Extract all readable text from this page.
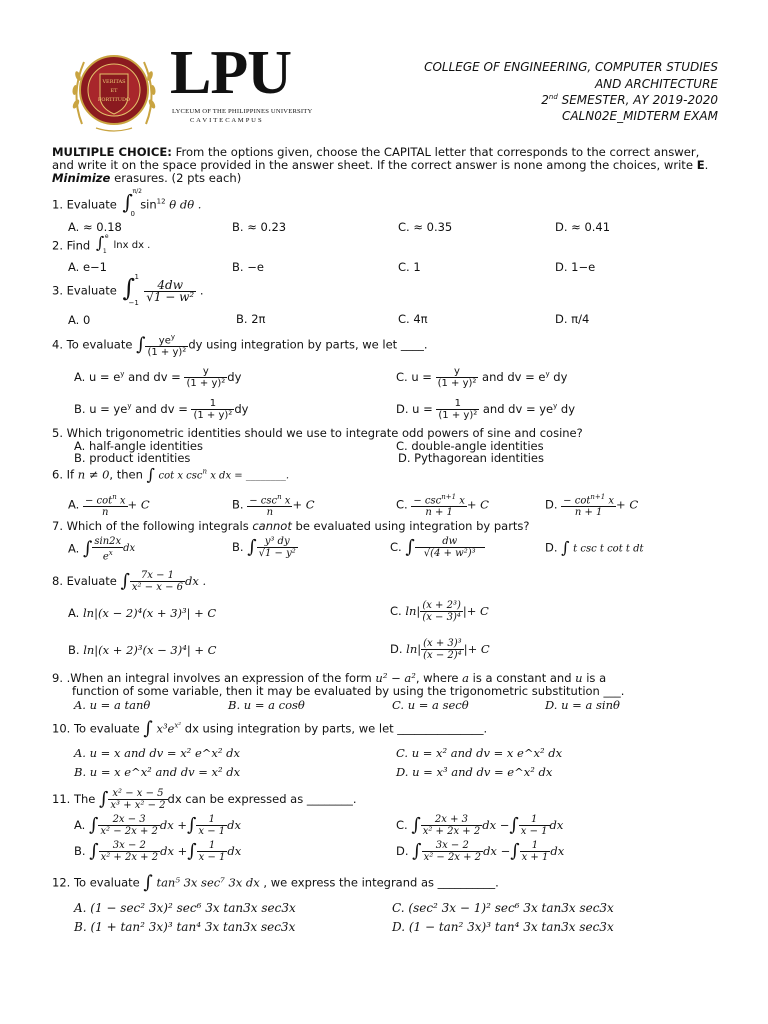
VERITAS
ET
FORTITUDO LPU
LYCEUM OF THE PHILIPPINES UNIVERSITY
C A V I T E C A M P U S
COLLEGE OF ENGINEERING, COMPUTER STUDIES
AND ARCHITECTURE
2nd SEMESTER, AY 2019-2020
CALN02E_MIDTERM EXAM
MULTIPLE CHOICE: From the options given, choose the CAPITAL letter that corresponds to the correct answer, and write it on the space provided in the answer sheet. If the correct answer is none among the choices, write E. Minimize erasures. (2 pts each)
1. Evaluate ∫ π/2
0
$\sin^{12} \theta$ dθ .
A. ≈ 0.18	B. ≈ 0.23	C. ≈ 0.35	D. ≈ 0.41
2. Find ∫ e
1
lnx dx .
A. e−1	B. −e	C. 1	D. 1−e
3. Evaluate ∫ 1
−1

$\frac{4dw}{\text{√1 − w²}}$ .
A. 0	B. 2π	C. 4π	D. π/4
4. To evaluate ∫ $\frac{ye^y}{\text{(1 + y)²}}$ dy using integration by parts, we let ____.
A. $u = e^y$ and dv = $\frac{y}{\text{(1 + y)²}}$ dy
B. $u = ye^y$ and dv = $\frac{1}{\text{(1 + y)²}}$ dy
C. $u = \frac{y}{\text{(1 + y)²}}$ and dv = $e^y$ dy
D. $u = \frac{1}{\text{(1 + y)²}}$ and dv = $ye^y$ dy
5. Which trigonometric identities should we use to integrate odd powers of sine and cosine?
A. half-angle identities
B. product identities
C. double-angle identities
D. Pythagorean identities
6. If n ≠ 0, then ∫ cot x $\csc^n x$ dx = ________.
A. $\frac{- \cot^n x}{n} + C$	B. $\frac{- \csc^n x}{n} + C$	C. $\frac{- \csc^{n+1} x}{n + 1} + C$	D. $\frac{- \cot^{n+1} x}{n + 1} + C$
7. Which of the following integrals cannot be evaluated using integration by parts?
A. ∫ $\frac{\sin 2x}{e^x}$ dx	B. ∫ $\frac{\text{y³ dy}}{\text{√1 − y²}}$	C. ∫ $\frac{dw}{\text{√(4 + w²)³}}$	D. ∫ t csc t cot t dt
8. Evaluate ∫ $\frac{7x - 1}{\text{x² − x − 6}}$ dx .
A. ln|(x − 2)⁴(x + 3)³| + C
B. ln|(x + 2)³(x − 3)⁴| + C
C. $\ln| \frac{\text{(x + 2³)}}{\text{(x − 3)⁴}}$ |+ C
D. $\ln| \frac{\text{(x + 3)³}}{\text{(x − 2)⁴}}$ |+ C
9. .When an integral involves an expression of the form u² − a², where a is a constant and u is a
function of some variable, then it may be evaluated by using the trigonometric substitution ___.
A. u = a tanθ	B. u = a cosθ	C. u = a secθ	D. u = a sinθ
10. To evaluate ∫ $x^3e^{x^2}$ dx using integration by parts, we let _______________.
A. u = x and dv = x² e^x² dx
B. u = x e^x² and dv = x² dx
C. u = x² and dv = x e^x² dx
D. u = x³ and dv = e^x² dx
11. The ∫ $\frac{\text{x² − x − 5}}{\text{x³ + x² − 2}}$ dx can be expressed as ________.
A. ∫ $\frac{2x - 3}{\text{x² − 2x + 2}}$ dx +∫ $\frac{1}{x - 1}$ dx
B. ∫ $\frac{3x - 2}{\text{x² + 2x + 2}}$ dx +∫ $\frac{1}{x - 1}$ dx
C. ∫ $\frac{2x + 3}{\text{x² + 2x + 2}}$ dx −∫ $\frac{1}{x - 1}$ dx
D. ∫ $\frac{3x - 2}{\text{x² − 2x + 2}}$ dx −∫ $\frac{1}{x + 1}$ dx
12. To evaluate ∫ tan⁵ 3x sec⁷ 3x dx , we express the integrand as __________.
A. (1 − sec² 3x)² sec⁶ 3x tan3x sec3x
B. (1 + tan² 3x)³ tan⁴ 3x tan3x sec3x
C. (sec² 3x − 1)² sec⁶ 3x tan3x sec3x
D. (1 − tan² 3x)³ tan⁴ 3x tan3x sec3x
